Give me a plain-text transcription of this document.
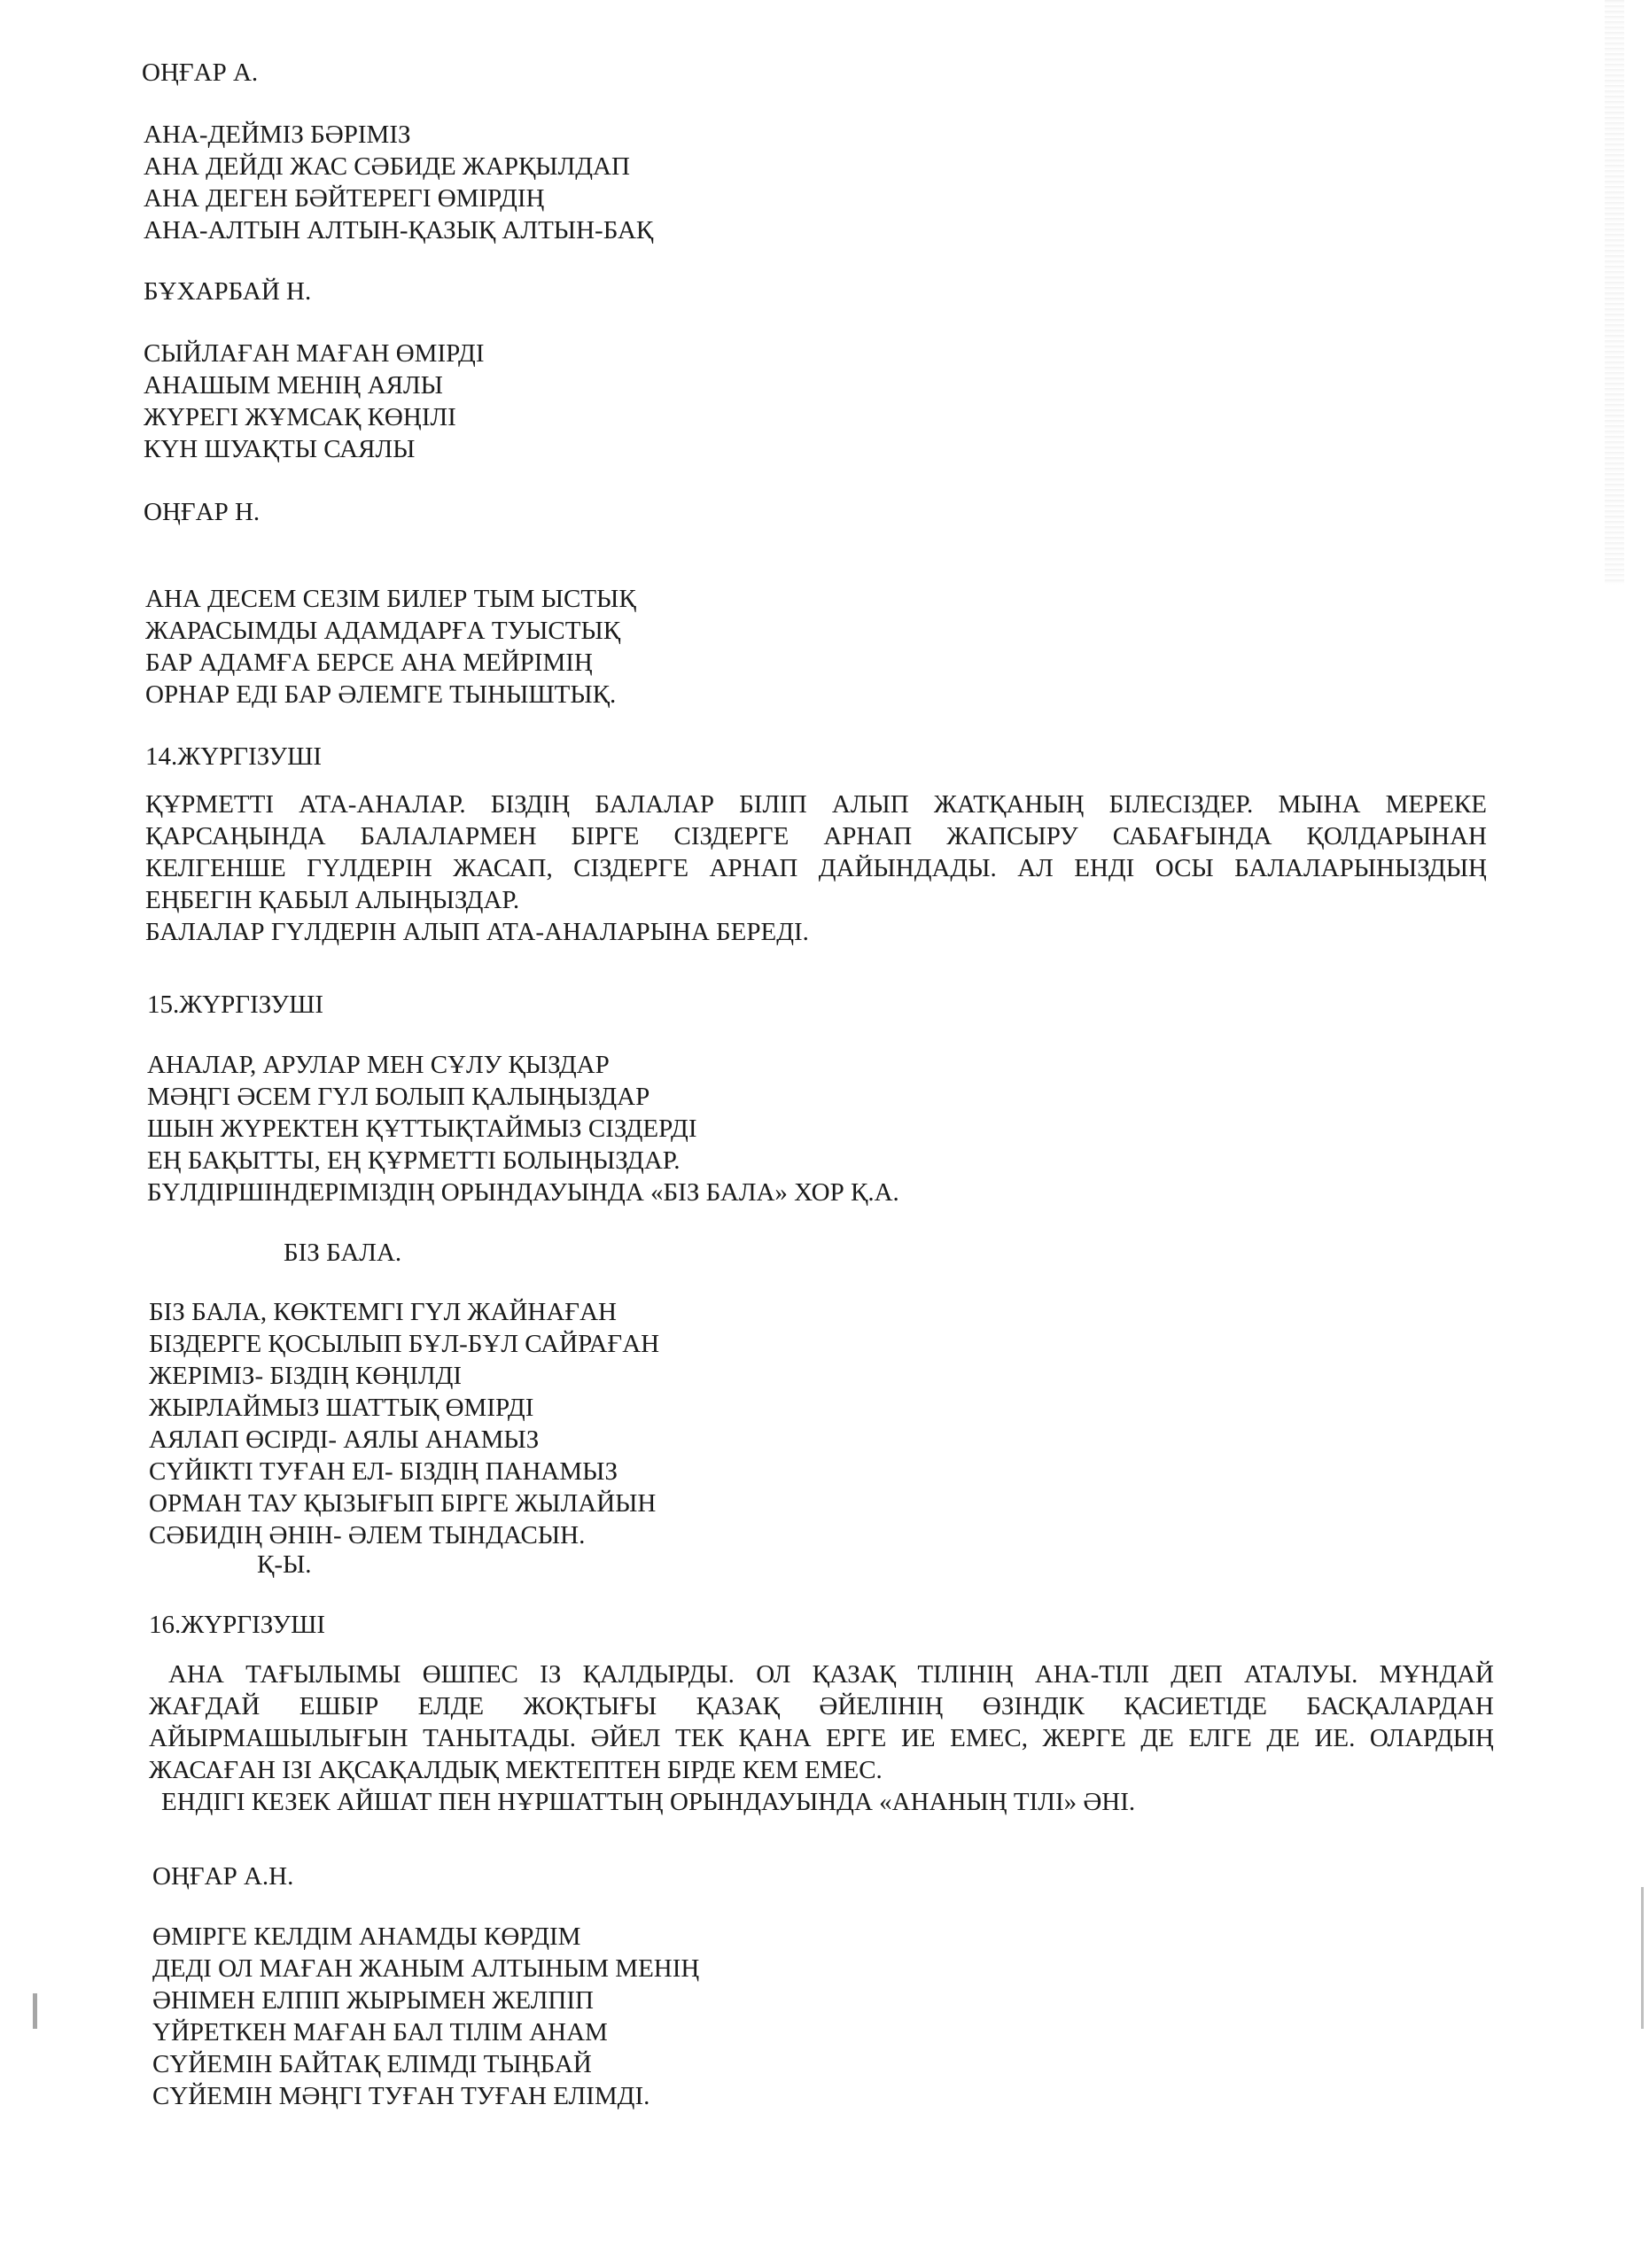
ОҢҒАР А.
АНА-ДЕЙМІЗ БӘРІМІЗ
АНА ДЕЙДІ ЖАС СӘБИДЕ ЖАРҚЫЛДАП
АНА ДЕГЕН БӘЙТЕРЕГІ ӨМІРДІҢ
АНА-АЛТЫН АЛТЫН-ҚАЗЫҚ АЛТЫН-БАҚ
БҰХАРБАЙ Н.
СЫЙЛАҒАН МАҒАН ӨМІРДІ
АНАШЫМ МЕНІҢ АЯЛЫ
ЖҮРЕГІ ЖҰМСАҚ КӨҢІЛІ
КҮН ШУАҚТЫ САЯЛЫ
ОҢҒАР Н.
АНА ДЕСЕМ СЕЗІМ БИЛЕР ТЫМ ЫСТЫҚ
ЖАРАСЫМДЫ АДАМДАРҒА ТУЫСТЫҚ
БАР АДАМҒА БЕРСЕ АНА МЕЙРІМІҢ
ОРНАР ЕДІ БАР ӘЛЕМГЕ ТЫНЫШТЫҚ.
14.ЖҮРГІЗУШІ
ҚҰРМЕТТІ АТА-АНАЛАР. БІЗДІҢ БАЛАЛАР БІЛІП АЛЫП ЖАТҚАНЫҢ БІЛЕСІЗДЕР. МЫНА МЕРЕКЕ
ҚАРСАҢЫНДА БАЛАЛАРМЕН БІРГЕ СІЗДЕРГЕ АРНАП ЖАПСЫРУ САБАҒЫНДА ҚОЛДАРЫНАН
КЕЛГЕНШЕ ГҮЛДЕРІН ЖАСАП, СІЗДЕРГЕ АРНАП ДАЙЫНДАДЫ. АЛ ЕНДІ ОСЫ БАЛАЛАРЫНЫЗДЫҢ
ЕҢБЕГІН ҚАБЫЛ АЛЫҢЫЗДАР.
БАЛАЛАР ГҮЛДЕРІН АЛЫП АТА-АНАЛАРЫНА БЕРЕДІ.
15.ЖҮРГІЗУШІ
АНАЛАР, АРУЛАР МЕН СҰЛУ ҚЫЗДАР
МӘҢГІ ӘСЕМ ГҮЛ БОЛЫП ҚАЛЫҢЫЗДАР
ШЫН ЖҮРЕКТЕН ҚҰТТЫҚТАЙМЫЗ СІЗДЕРДІ
ЕҢ БАҚЫТТЫ, ЕҢ ҚҰРМЕТТІ БОЛЫҢЫЗДАР.
БҮЛДІРШІНДЕРІМІЗДІҢ ОРЫНДАУЫНДА «БІЗ БАЛА» ХОР Қ.А.
БІЗ БАЛА.
БІЗ БАЛА, КӨКТЕМГІ ГҮЛ ЖАЙНАҒАН
БІЗДЕРГЕ ҚОСЫЛЫП БҰЛ-БҰЛ САЙРАҒАН
ЖЕРІМІЗ- БІЗДІҢ КӨҢІЛДІ
ЖЫРЛАЙМЫЗ ШАТТЫҚ ӨМІРДІ
АЯЛАП ӨСІРДІ- АЯЛЫ АНАМЫЗ
СҮЙІКТІ ТУҒАН ЕЛ- БІЗДІҢ ПАНАМЫЗ
ОРМАН ТАУ ҚЫЗЫҒЫП БІРГЕ ЖЫЛАЙЫН
СӘБИДІҢ ӘНІН- ӘЛЕМ ТЫНДАСЫН.
Қ-Ы.
16.ЖҮРГІЗУШІ
АНА ТАҒЫЛЫМЫ ӨШПЕС ІЗ ҚАЛДЫРДЫ. ОЛ ҚАЗАҚ ТІЛІНІҢ АНА-ТІЛІ ДЕП АТАЛУЫ. МҰНДАЙ
ЖАҒДАЙ ЕШБІР ЕЛДЕ ЖОҚТЫҒЫ ҚАЗАҚ ӘЙЕЛІНІҢ ӨЗІНДІК ҚАСИЕТІДЕ БАСҚАЛАРДАН
АЙЫРМАШЫЛЫҒЫН ТАНЫТАДЫ. ӘЙЕЛ ТЕК ҚАНА ЕРГЕ ИЕ ЕМЕС, ЖЕРГЕ ДЕ ЕЛГЕ ДЕ ИЕ. ОЛАРДЫҢ
ЖАСАҒАН ІЗІ АҚСАҚАЛДЫҚ МЕКТЕПТЕН БІРДЕ КЕМ ЕМЕС.
ЕНДІГІ КЕЗЕК АЙШАТ ПЕН НҰРШАТТЫҢ ОРЫНДАУЫНДА «АНАНЫҢ ТІЛІ» ӘНІ.
ОҢҒАР А.Н.
ӨМІРГЕ КЕЛДІМ АНАМДЫ КӨРДІМ
ДЕДІ ОЛ МАҒАН ЖАНЫМ АЛТЫНЫМ МЕНІҢ
ӘНІМЕН ЕЛПІП ЖЫРЫМЕН ЖЕЛПІП
ҮЙРЕТКЕН МАҒАН БАЛ ТІЛІМ АНАМ
СҮЙЕМІН БАЙТАҚ ЕЛІМДІ ТЫҢБАЙ
СҮЙЕМІН МӘҢГІ ТУҒАН ТУҒАН ЕЛІМДІ.
